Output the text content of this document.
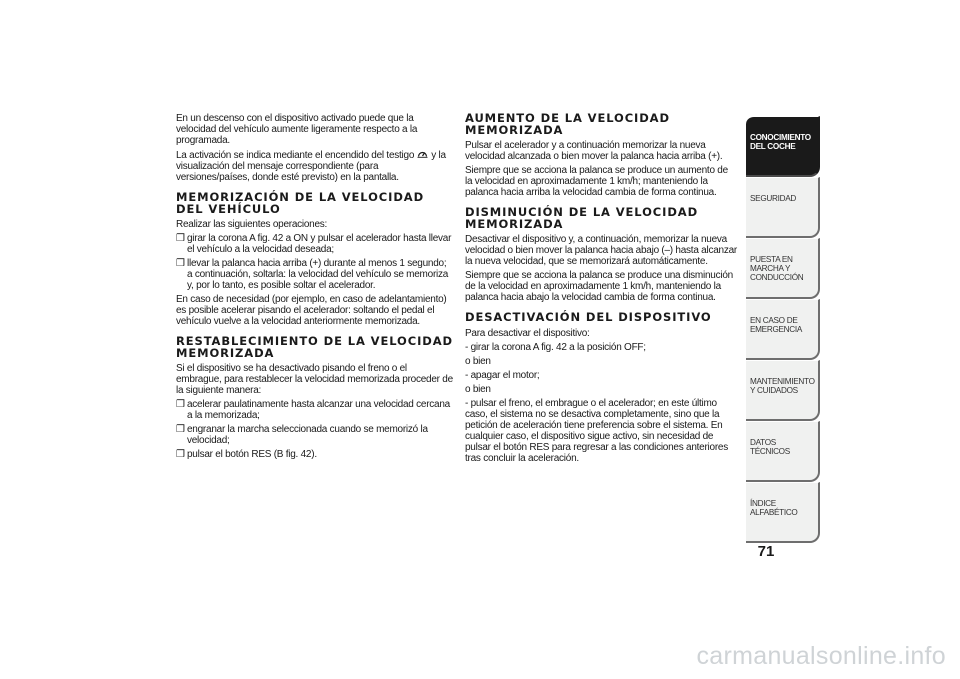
En un descenso con el dispositivo activado puede que la velocidad del vehículo aumente ligeramente respecto a la programada.

La activación se indica mediante el encendido del testigo y la visualización del mensaje correspondiente (para versiones/países, donde esté previsto) en la pantalla.

MEMORIZACIÓN DE LA VELOCIDAD DEL VEHÍCULO

Realizar las siguientes operaciones:

❒ girar la corona A fig. 42 a ON y pulsar el acelerador hasta llevar el vehículo a la velocidad deseada;

❒ llevar la palanca hacia arriba (+) durante al menos 1 segundo; a continuación, soltarla: la velocidad del vehículo se memoriza y, por lo tanto, es posible soltar el acelerador.

En caso de necesidad (por ejemplo, en caso de adelantamiento) es posible acelerar pisando el acelerador: soltando el pedal el vehículo vuelve a la velocidad anteriormente memorizada.

RESTABLECIMIENTO DE LA VELOCIDAD MEMORIZADA

Si el dispositivo se ha desactivado pisando el freno o el embrague, para restablecer la velocidad memorizada proceder de la siguiente manera:

❒ acelerar paulatinamente hasta alcanzar una velocidad cercana a la memorizada;

❒ engranar la marcha seleccionada cuando se memorizó la velocidad;

❒ pulsar el botón RES (B fig. 42).

AUMENTO DE LA VELOCIDAD MEMORIZADA

Pulsar el acelerador y a continuación memorizar la nueva velocidad alcanzada o bien mover la palanca hacia arriba (+).

Siempre que se acciona la palanca se produce un aumento de la velocidad en aproximadamente 1 km/h; manteniendo la palanca hacia arriba la velocidad cambia de forma continua.

DISMINUCIÓN DE LA VELOCIDAD MEMORIZADA

Desactivar el dispositivo y, a continuación, memorizar la nueva velocidad o bien mover la palanca hacia abajo (–) hasta alcanzar la nueva velocidad, que se memorizará automáticamente.

Siempre que se acciona la palanca se produce una disminución de la velocidad en aproximadamente 1 km/h, manteniendo la palanca hacia abajo la velocidad cambia de forma continua.

DESACTIVACIÓN DEL DISPOSITIVO

Para desactivar el dispositivo:

- girar la corona A fig. 42 a la posición OFF;

o bien

- apagar el motor;

o bien

- pulsar el freno, el embrague o el acelerador; en este último caso, el sistema no se desactiva completamente, sino que la petición de aceleración tiene preferencia sobre el sistema. En cualquier caso, el dispositivo sigue activo, sin necesidad de pulsar el botón RES para regresar a las condiciones anteriores tras concluir la aceleración.

CONOCIMIENTO DEL COCHE
SEGURIDAD
PUESTA EN MARCHA Y CONDUCCIÓN
EN CASO DE EMERGENCIA
MANTENIMIENTO Y CUIDADOS
DATOS TÉCNICOS
ÍNDICE ALFABÉTICO
71
carmanualsonline.info
